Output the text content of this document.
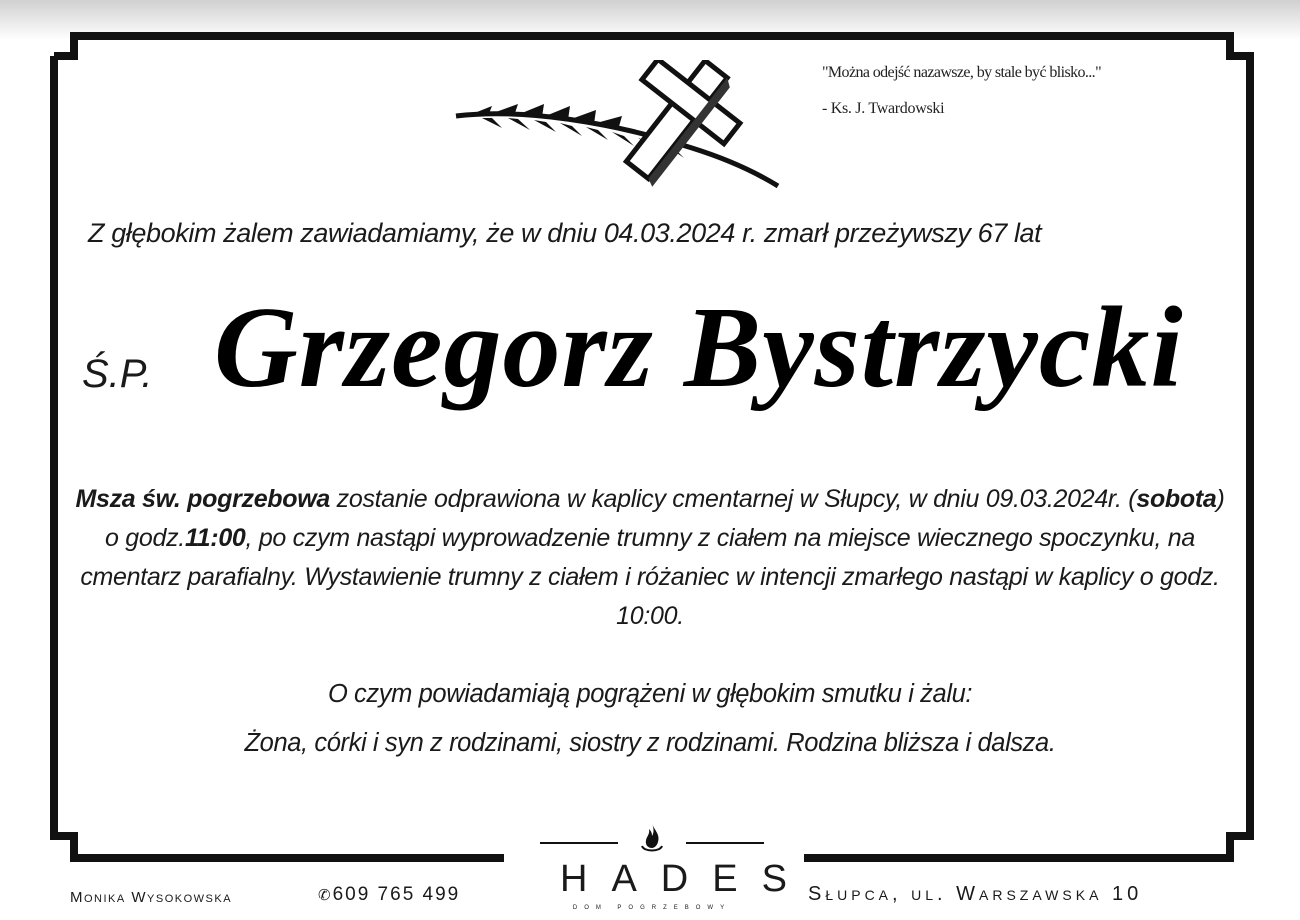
"Można odejść nazawsze, by stale być blisko..."
- Ks. J. Twardowski
Z głębokim żalem zawiadamiamy, że w dniu 04.03.2024 r. zmarł przeżywszy 67 lat
Ś.P. Grzegorz Bystrzycki
Msza św. pogrzebowa zostanie odprawiona w kaplicy cmentarnej w Słupcy, w dniu 09.03.2024r. (sobota) o godz.11:00, po czym nastąpi wyprowadzenie trumny z ciałem na miejsce wiecznego spoczynku, na cmentarz parafialny. Wystawienie trumny z ciałem i różaniec w intencji zmarłego nastąpi w kaplicy o godz. 10:00.
O czym powiadamiają pogrążeni w głębokim smutku i żalu:
Żona, córki i syn z rodzinami, siostry z rodzinami. Rodzina bliższa i dalsza.
Monika Wysokowska	✆609 765 499	HADES
dom pogrzebowy
Słupca, ul. Warszawska 10
